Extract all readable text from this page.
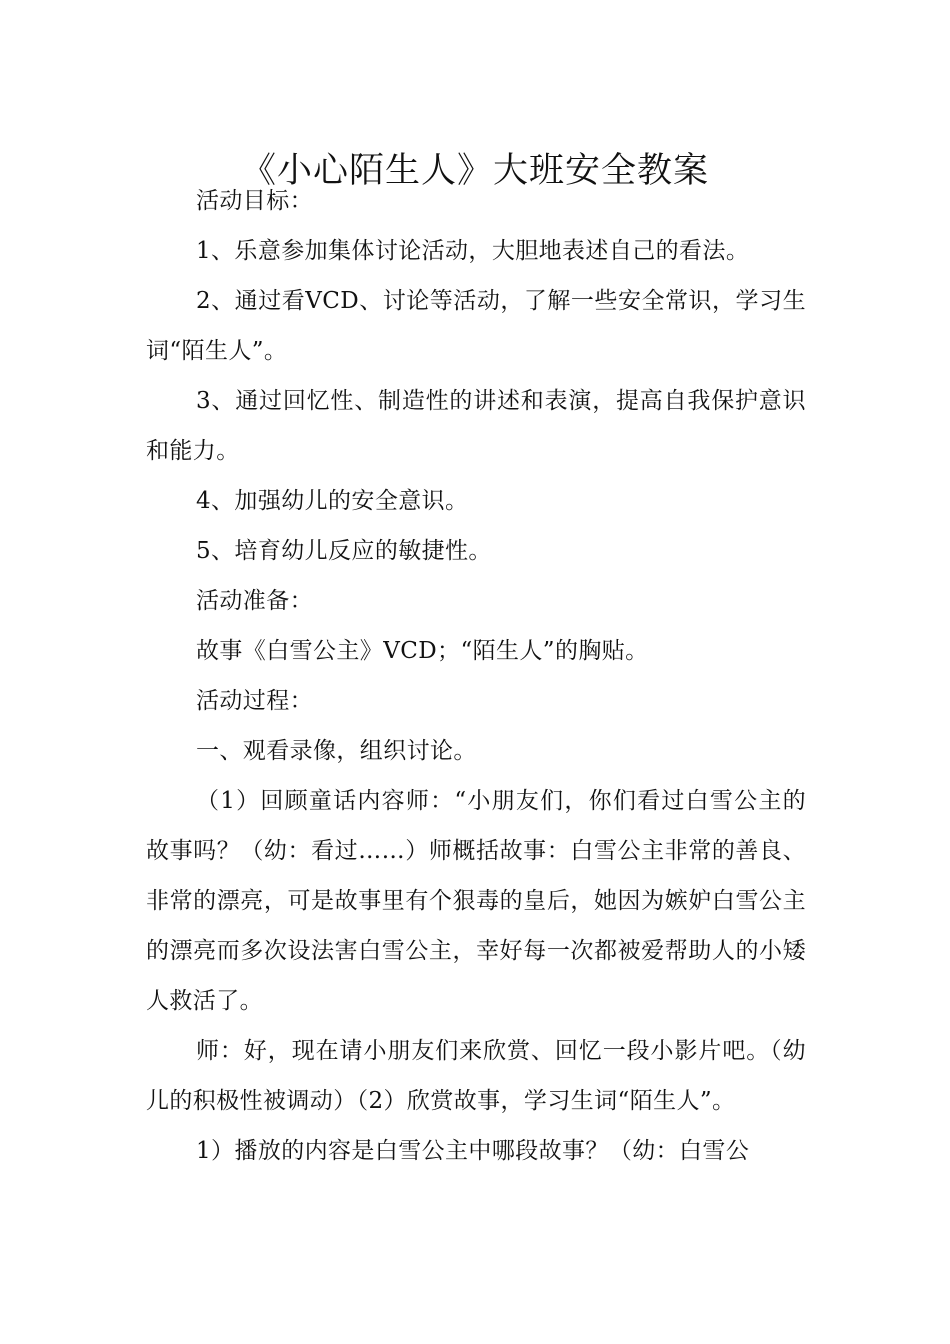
《小心陌生人》大班安全教案

活动目标：

1、乐意参加集体讨论活动，大胆地表述自己的看法。

2、通过看VCD、讨论等活动，了解一些安全常识，学习生词“陌生人”。

3、通过回忆性、制造性的讲述和表演，提高自我保护意识和能力。

4、加强幼儿的安全意识。

5、培育幼儿反应的敏捷性。

活动准备：

故事《白雪公主》VCD；“陌生人”的胸贴。

活动过程：

一、观看录像，组织讨论。

（1）回顾童话内容师：“小朋友们，你们看过白雪公主的故事吗？（幼：看过……）师概括故事：白雪公主非常的善良、非常的漂亮，可是故事里有个狠毒的皇后，她因为嫉妒白雪公主的漂亮而多次设法害白雪公主，幸好每一次都被爱帮助人的小矮人救活了。

师：好，现在请小朋友们来欣赏、回忆一段小影片吧。（幼儿的积极性被调动）（2）欣赏故事，学习生词“陌生人”。

1）播放的内容是白雪公主中哪段故事？（幼：白雪公
